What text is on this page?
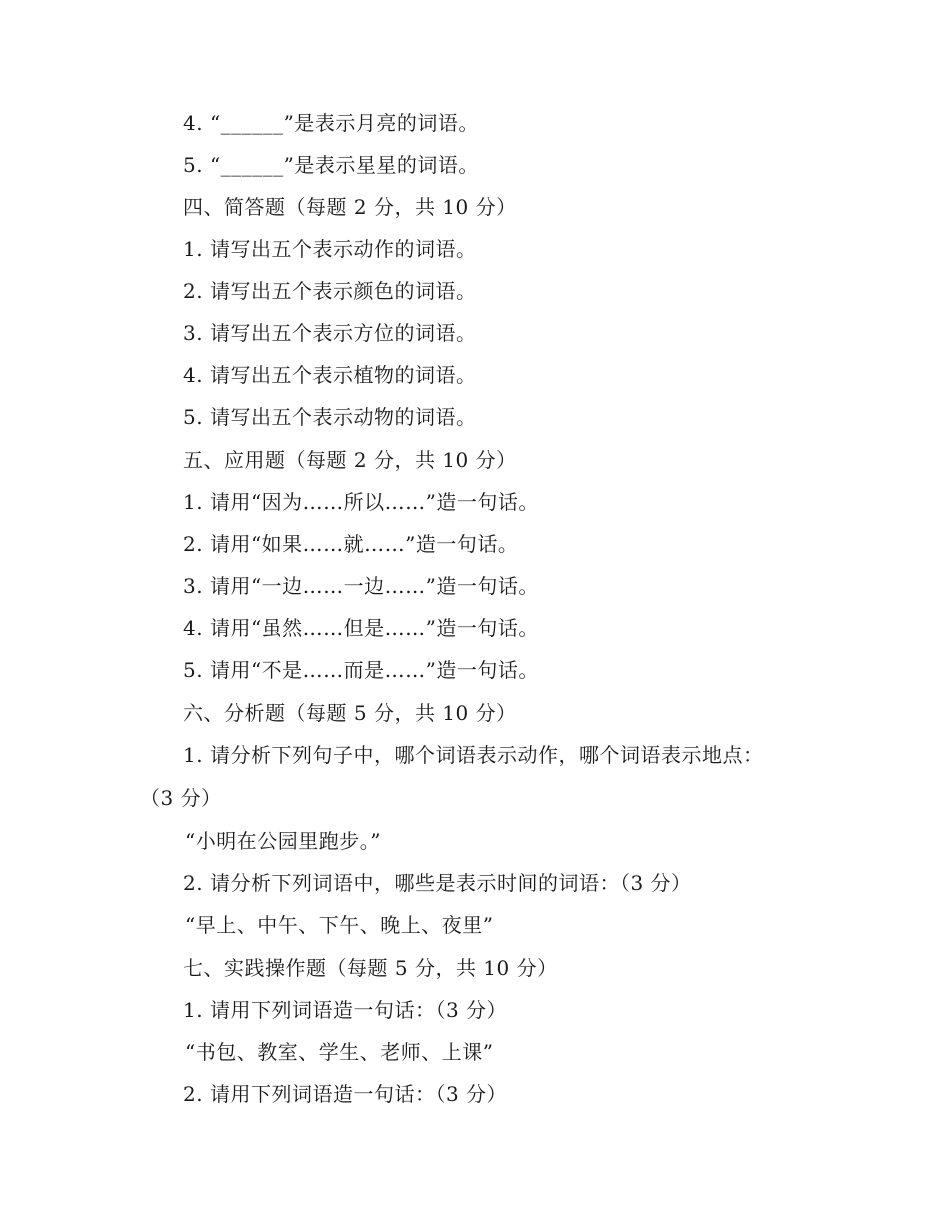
4. “______”是表示月亮的词语。
5. “______”是表示星星的词语。
四、简答题（每题 2 分，共 10 分）
1. 请写出五个表示动作的词语。
2. 请写出五个表示颜色的词语。
3. 请写出五个表示方位的词语。
4. 请写出五个表示植物的词语。
5. 请写出五个表示动物的词语。
五、应用题（每题 2 分，共 10 分）
1. 请用“因为……所以……”造一句话。
2. 请用“如果……就……”造一句话。
3. 请用“一边……一边……”造一句话。
4. 请用“虽然……但是……”造一句话。
5. 请用“不是……而是……”造一句话。
六、分析题（每题 5 分，共 10 分）
1. 请分析下列句子中，哪个词语表示动作，哪个词语表示地点：
（3 分）
“小明在公园里跑步。”
2. 请分析下列词语中，哪些是表示时间的词语：（3 分）
“早上、中午、下午、晚上、夜里”
七、实践操作题（每题 5 分，共 10 分）
1. 请用下列词语造一句话：（3 分）
“书包、教室、学生、老师、上课”
2. 请用下列词语造一句话：（3 分）
